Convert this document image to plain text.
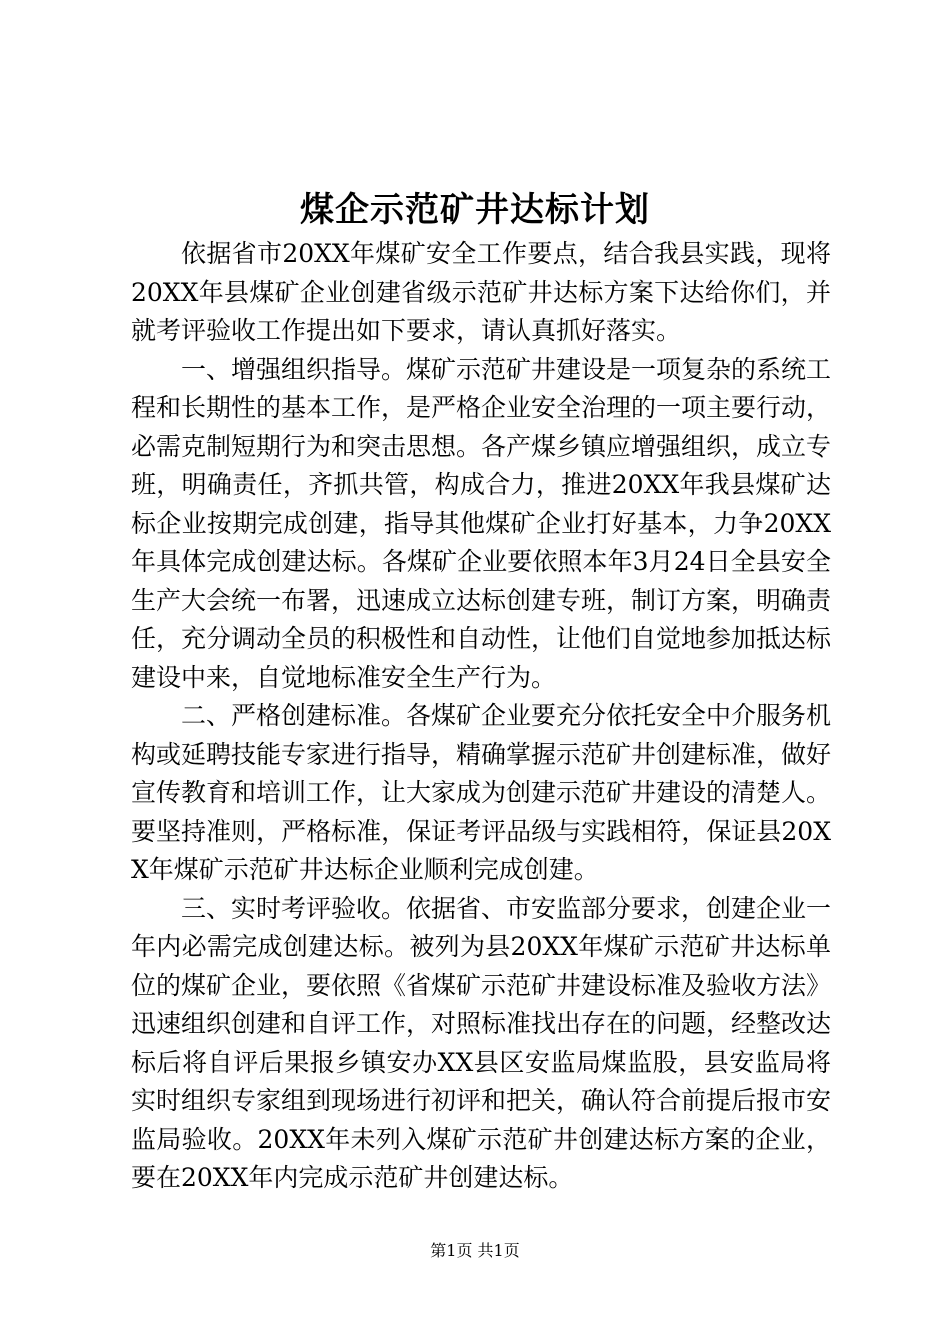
煤企示范矿井达标计划

依据省市20XX年煤矿安全工作要点，结合我县实践，现将20XX年县煤矿企业创建省级示范矿井达标方案下达给你们，并就考评验收工作提出如下要求，请认真抓好落实。

一、增强组织指导。煤矿示范矿井建设是一项复杂的系统工程和长期性的基本工作，是严格企业安全治理的一项主要行动，必需克制短期行为和突击思想。各产煤乡镇应增强组织，成立专班，明确责任，齐抓共管，构成合力，推进20XX年我县煤矿达标企业按期完成创建，指导其他煤矿企业打好基本，力争20XX年具体完成创建达标。各煤矿企业要依照本年3月24日全县安全生产大会统一布署，迅速成立达标创建专班，制订方案，明确责任，充分调动全员的积极性和自动性，让他们自觉地参加抵达标建设中来，自觉地标准安全生产行为。

二、严格创建标准。各煤矿企业要充分依托安全中介服务机构或延聘技能专家进行指导，精确掌握示范矿井创建标准，做好宣传教育和培训工作，让大家成为创建示范矿井建设的清楚人。要坚持准则，严格标准，保证考评品级与实践相符，保证县20XX年煤矿示范矿井达标企业顺利完成创建。

三、实时考评验收。依据省、市安监部分要求，创建企业一年内必需完成创建达标。被列为县20XX年煤矿示范矿井达标单位的煤矿企业，要依照《省煤矿示范矿井建设标准及验收方法》迅速组织创建和自评工作，对照标准找出存在的问题，经整改达标后将自评后果报乡镇安办XX县区安监局煤监股，县安监局将实时组织专家组到现场进行初评和把关，确认符合前提后报市安监局验收。20XX年未列入煤矿示范矿井创建达标方案的企业，要在20XX年内完成示范矿井创建达标。

第1页 共1页
